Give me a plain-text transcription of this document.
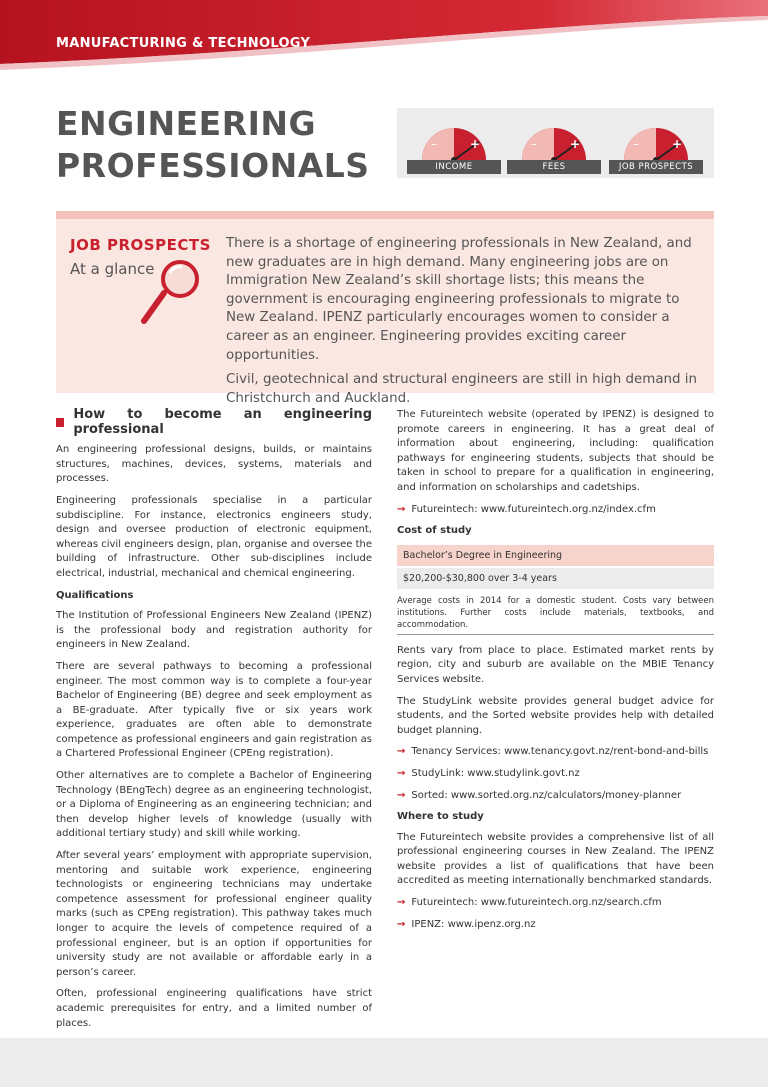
MANUFACTURING & TECHNOLOGY
ENGINEERING
PROFESSIONALS
–	+
INCOME
–	+
FEES
–	+
JOB PROSPECTS
JOB PROSPECTS
At a glance

There is a shortage of engineering professionals in New Zealand, and new graduates are in high demand. Many engineering jobs are on Immigration New Zealand’s skill shortage lists; this means the government is encouraging engineering professionals to migrate to New Zealand. IPENZ particularly encourages women to consider a career as an engineer. Engineering provides exciting career opportunities.

Civil, geotechnical and structural engineers are still in high demand in Christchurch and Auckland.

How to become an engineering professional

An engineering professional designs, builds, or maintains structures, machines, devices, systems, materials and processes.

Engineering professionals specialise in a particular subdiscipline. For instance, electronics engineers study, design and oversee production of electronic equipment, whereas civil engineers design, plan, organise and oversee the building of infrastructure. Other sub-disciplines include electrical, industrial, mechanical and chemical engineering.

Qualifications

The Institution of Professional Engineers New Zealand (IPENZ) is the professional body and registration authority for engineers in New Zealand.

There are several pathways to becoming a professional engineer. The most common way is to complete a four-year Bachelor of Engineering (BE) degree and seek employment as a BE-graduate. After typically five or six years work experience, graduates are often able to demonstrate competence as professional engineers and gain registration as a Chartered Professional Engineer (CPEng registration).

Other alternatives are to complete a Bachelor of Engineering Technology (BEngTech) degree as an engineering technologist, or a Diploma of Engineering as an engineering technician; and then develop higher levels of knowledge (usually with additional tertiary study) and skill while working.

After several years’ employment with appropriate supervision, mentoring and suitable work experience, engineering technologists or engineering technicians may undertake competence assessment for professional engineer quality marks (such as CPEng registration). This pathway takes much longer to acquire the levels of competence required of a professional engineer, but is an option if opportunities for university study are not available or affordable early in a person’s career.

Often, professional engineering qualifications have strict academic prerequisites for entry, and a limited number of places.

The Futureintech website (operated by IPENZ) is designed to promote careers in engineering. It has a great deal of information about engineering, including: qualification pathways for engineering students, subjects that should be taken in school to prepare for a qualification in engineering, and information on scholarships and cadetships.

→ Futureintech: www.futureintech.org.nz/index.cfm
Cost of study
Bachelor’s Degree in Engineering
$20,200-$30,800 over 3-4 years
Average costs in 2014 for a domestic student. Costs vary between institutions. Further costs include materials, textbooks, and accommodation.

Rents vary from place to place. Estimated market rents by region, city and suburb are available on the MBIE Tenancy Services website.

The StudyLink website provides general budget advice for students, and the Sorted website provides help with detailed budget planning.

→ Tenancy Services: www.tenancy.govt.nz/rent-bond-and-bills
→ StudyLink: www.studylink.govt.nz
→ Sorted: www.sorted.org.nz/calculators/money-planner
Where to study

The Futureintech website provides a comprehensive list of all professional engineering courses in New Zealand. The IPENZ website provides a list of qualifications that have been accredited as meeting internationally benchmarked standards.

→ Futureintech: www.futureintech.org.nz/search.cfm
→ IPENZ: www.ipenz.org.nz
